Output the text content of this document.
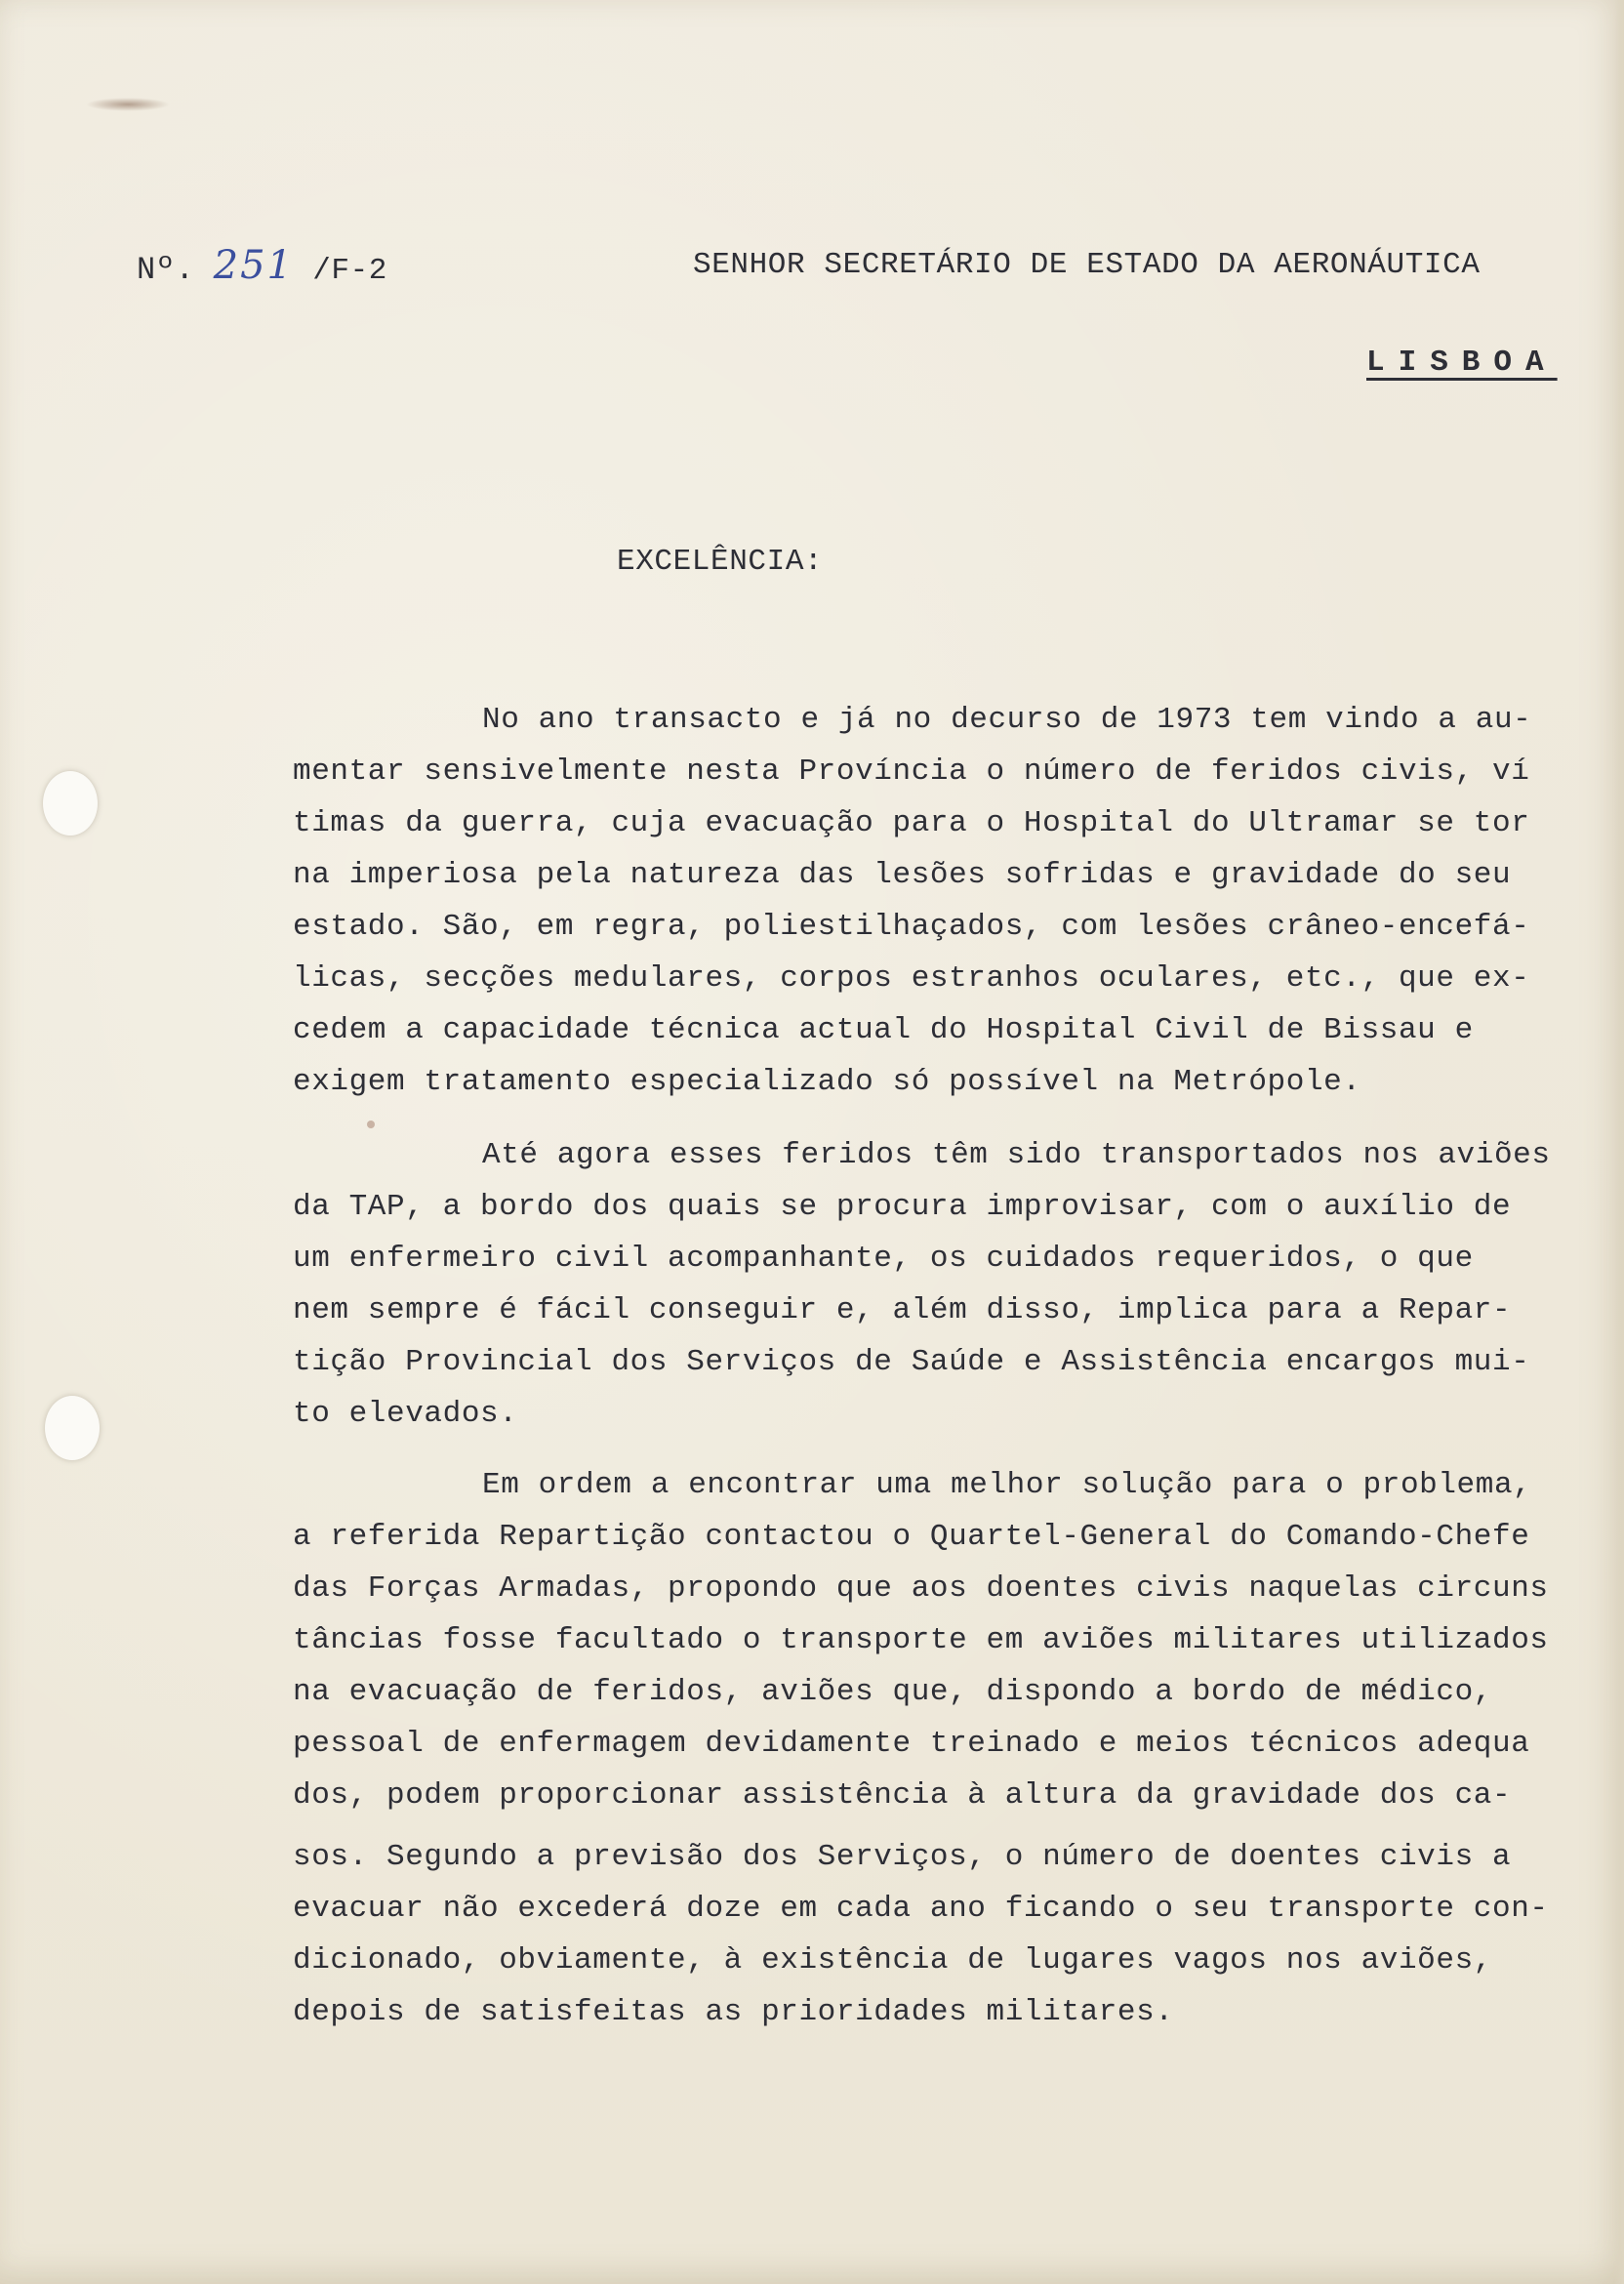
Nº. 251 /F-2	SENHOR SECRETÁRIO DE ESTADO DA AERONÁUTICA
LISBOA
EXCELÊNCIA:
No ano transacto e já no decurso de 1973 tem vindo a au-
mentar sensivelmente nesta Província o número de feridos civis, ví
timas da guerra, cuja evacuação para o Hospital do Ultramar se tor
na imperiosa pela natureza das lesões sofridas e gravidade do seu
estado. São, em regra, poliestilhaçados, com lesões crâneo-encefá-
licas, secções medulares, corpos estranhos oculares, etc., que ex-
cedem a capacidade técnica actual do Hospital Civil de Bissau e
exigem tratamento especializado só possível na Metrópole.
Até agora esses feridos têm sido transportados nos aviões
da TAP, a bordo dos quais se procura improvisar, com o auxílio de
um enfermeiro civil acompanhante, os cuidados requeridos, o que
nem sempre é fácil conseguir e, além disso, implica para a Repar-
tição Provincial dos Serviços de Saúde e Assistência encargos mui-
to elevados.
Em ordem a encontrar uma melhor solução para o problema,
a referida Repartição contactou o Quartel-General do Comando-Chefe
das Forças Armadas, propondo que aos doentes civis naquelas circuns
tâncias fosse facultado o transporte em aviões militares utilizados
na evacuação de feridos, aviões que, dispondo a bordo de médico,
pessoal de enfermagem devidamente treinado e meios técnicos adequa
dos, podem proporcionar assistência à altura da gravidade dos ca-
sos. Segundo a previsão dos Serviços, o número de doentes civis a
evacuar não excederá doze em cada ano ficando o seu transporte con-
dicionado, obviamente, à existência de lugares vagos nos aviões,
depois de satisfeitas as prioridades militares.
